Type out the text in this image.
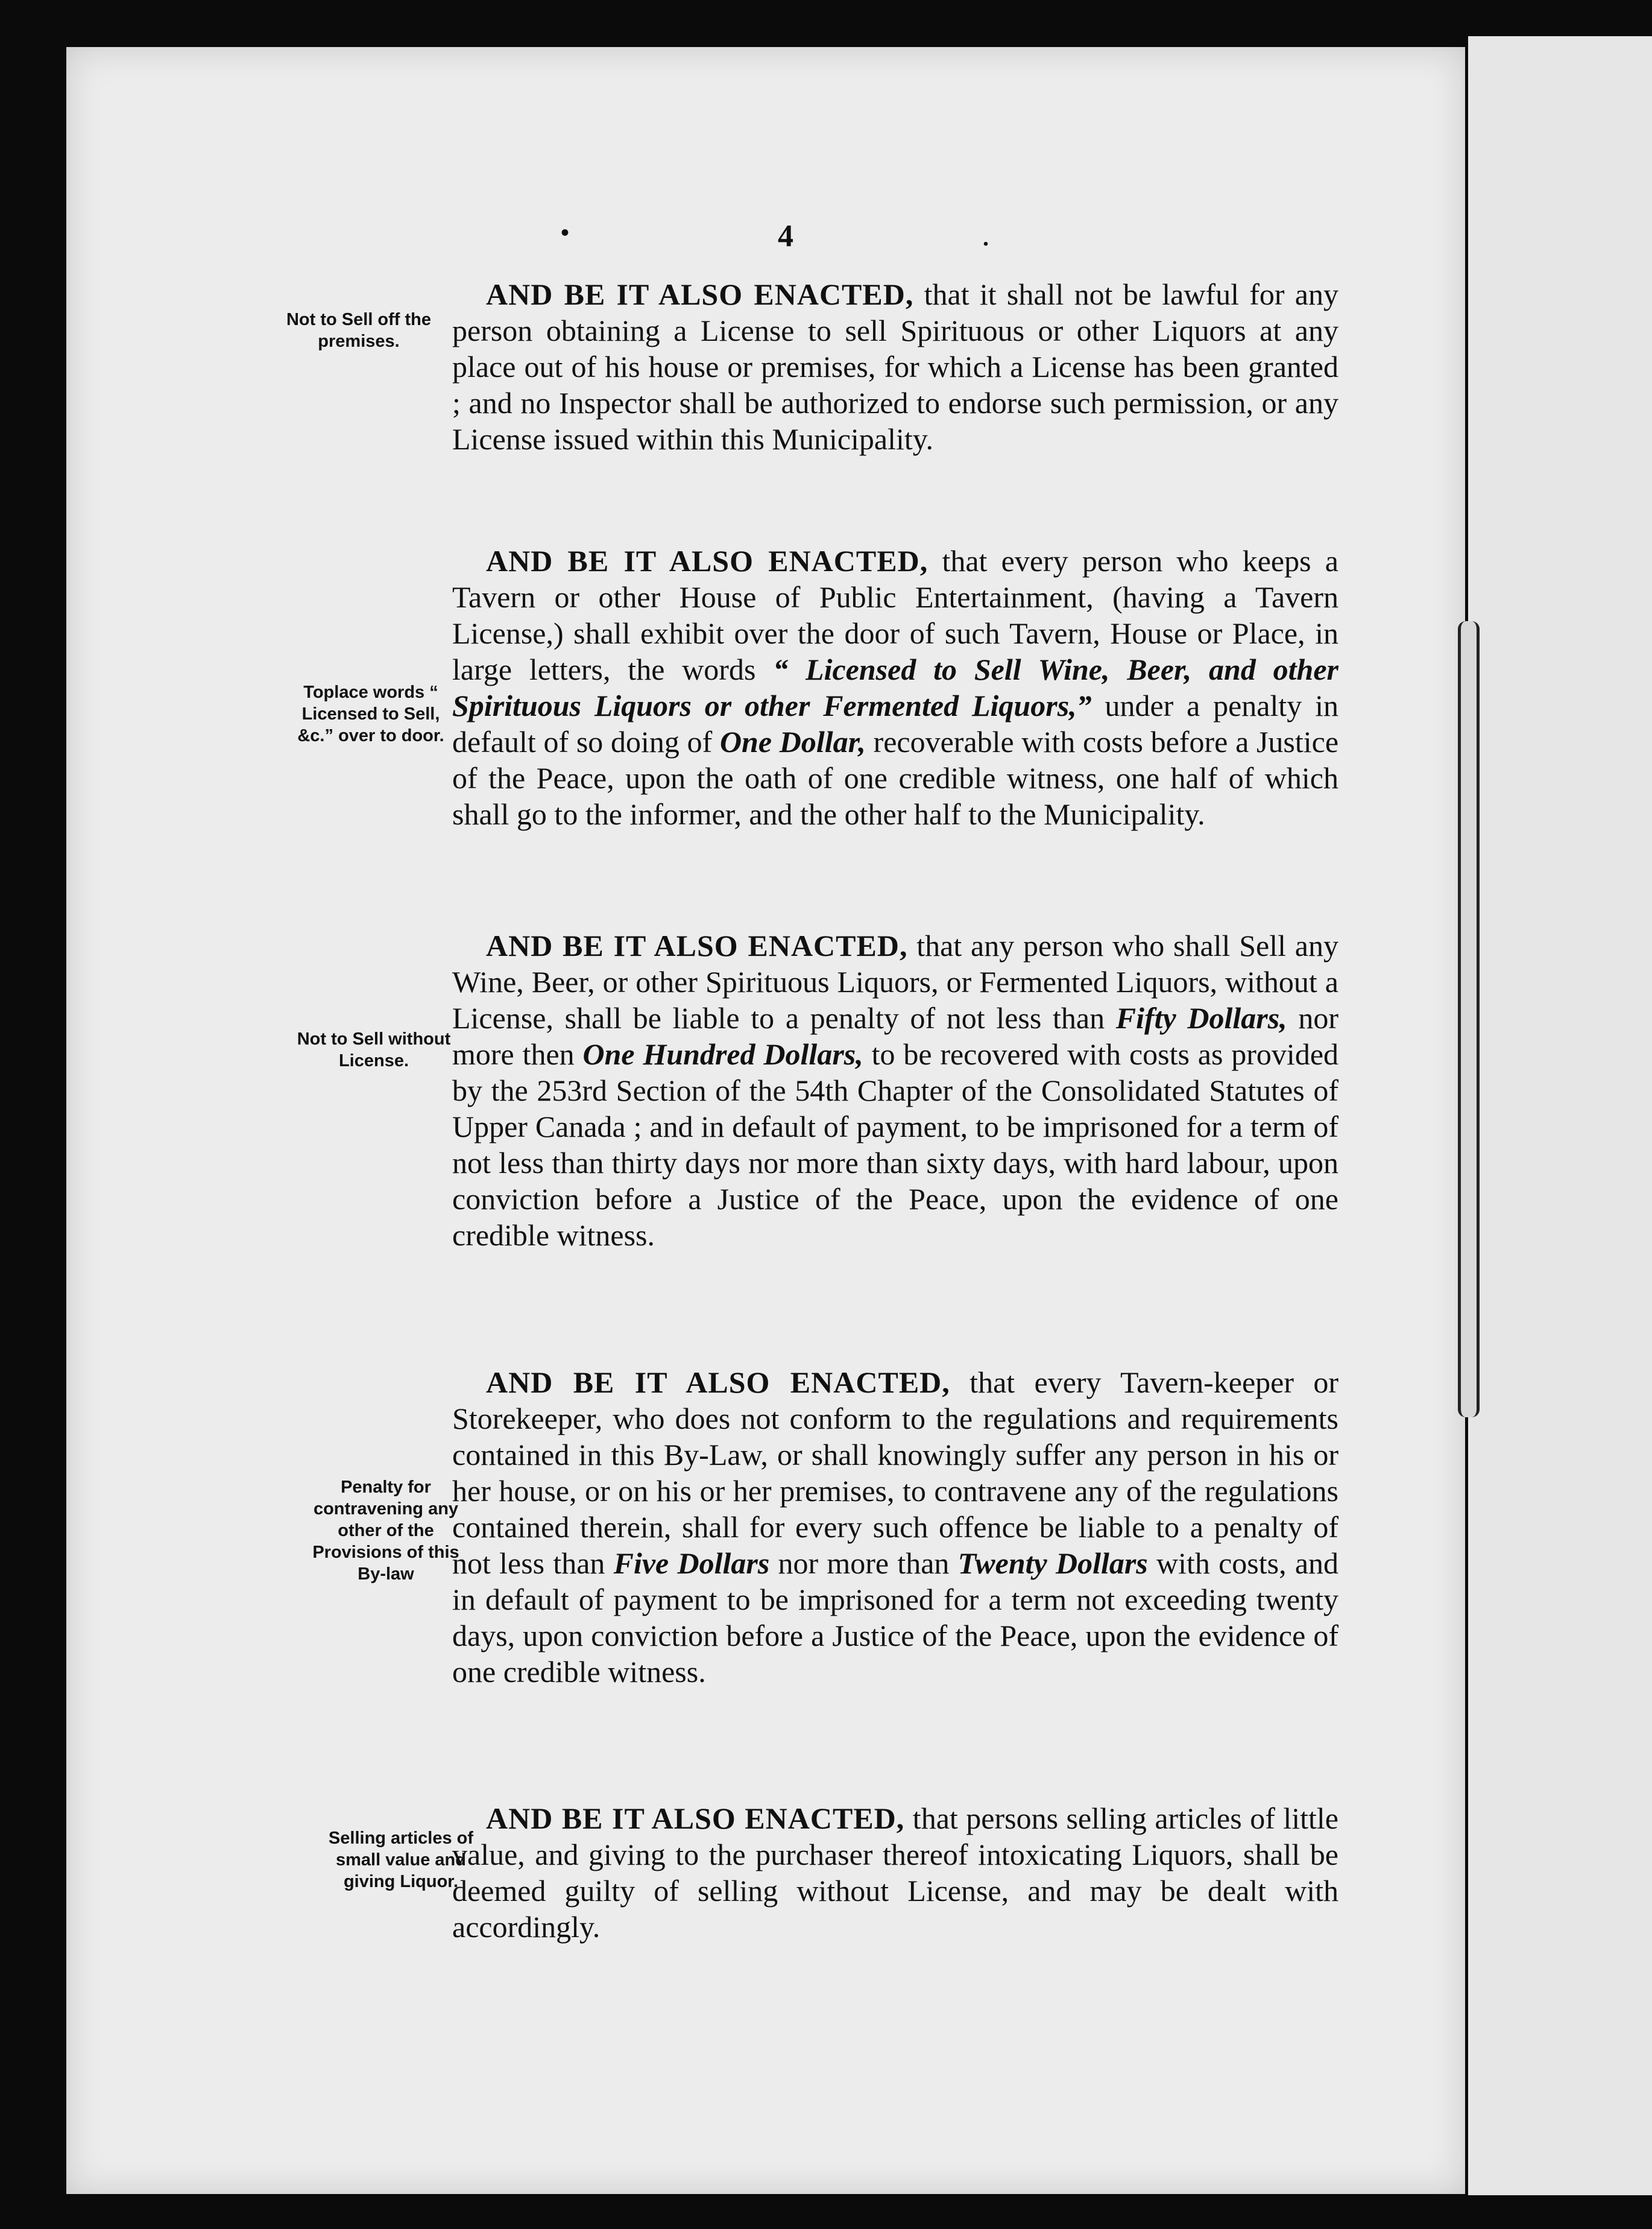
•	4	.
Not to Sell off the premises.

AND BE IT ALSO ENACTED, that it shall not be lawful for any person obtaining a License to sell Spirituous or other Liquors at any place out of his house or premises, for which a License has been granted ; and no Inspector shall be authorized to endorse such permission, or any License issued within this Municipality.

Toplace words “ Licensed to Sell, &c.” over to door.

AND BE IT ALSO ENACTED, that every person who keeps a Tavern or other House of Public Entertainment, (having a Tavern License,) shall exhibit over the door of such Tavern, House or Place, in large letters, the words “ Licensed to Sell Wine, Beer, and other Spirituous Liquors or other Fermented Liquors,” under a penalty in default of so doing of One Dollar, recoverable with costs before a Justice of the Peace, upon the oath of one credible witness, one half of which shall go to the informer, and the other half to the Municipality.

Not to Sell without License.

AND BE IT ALSO ENACTED, that any person who shall Sell any Wine, Beer, or other Spirituous Liquors, or Fermented Liquors, without a License, shall be liable to a penalty of not less than Fifty Dollars, nor more then One Hundred Dollars, to be recovered with costs as provided by the 253rd Section of the 54th Chapter of the Consolidated Statutes of Upper Canada ; and in default of payment, to be imprisoned for a term of not less than thirty days nor more than sixty days, with hard labour, upon conviction before a Justice of the Peace, upon the evidence of one credible witness.

Penalty for contravening any other of the Provisions of this By-law

AND BE IT ALSO ENACTED, that every Tavern-keeper or Storekeeper, who does not conform to the regulations and requirements contained in this By-Law, or shall knowingly suffer any person in his or her house, or on his or her premises, to contravene any of the regulations contained therein, shall for every such offence be liable to a penalty of not less than Five Dollars nor more than Twenty Dollars with costs, and in default of payment to be imprisoned for a term not exceeding twenty days, upon conviction before a Justice of the Peace, upon the evidence of one credible witness.

Selling articles of small value and giving Liquor.

AND BE IT ALSO ENACTED, that persons selling articles of little value, and giving to the purchaser thereof intoxicating Liquors, shall be deemed guilty of selling without License, and may be dealt with accordingly.
